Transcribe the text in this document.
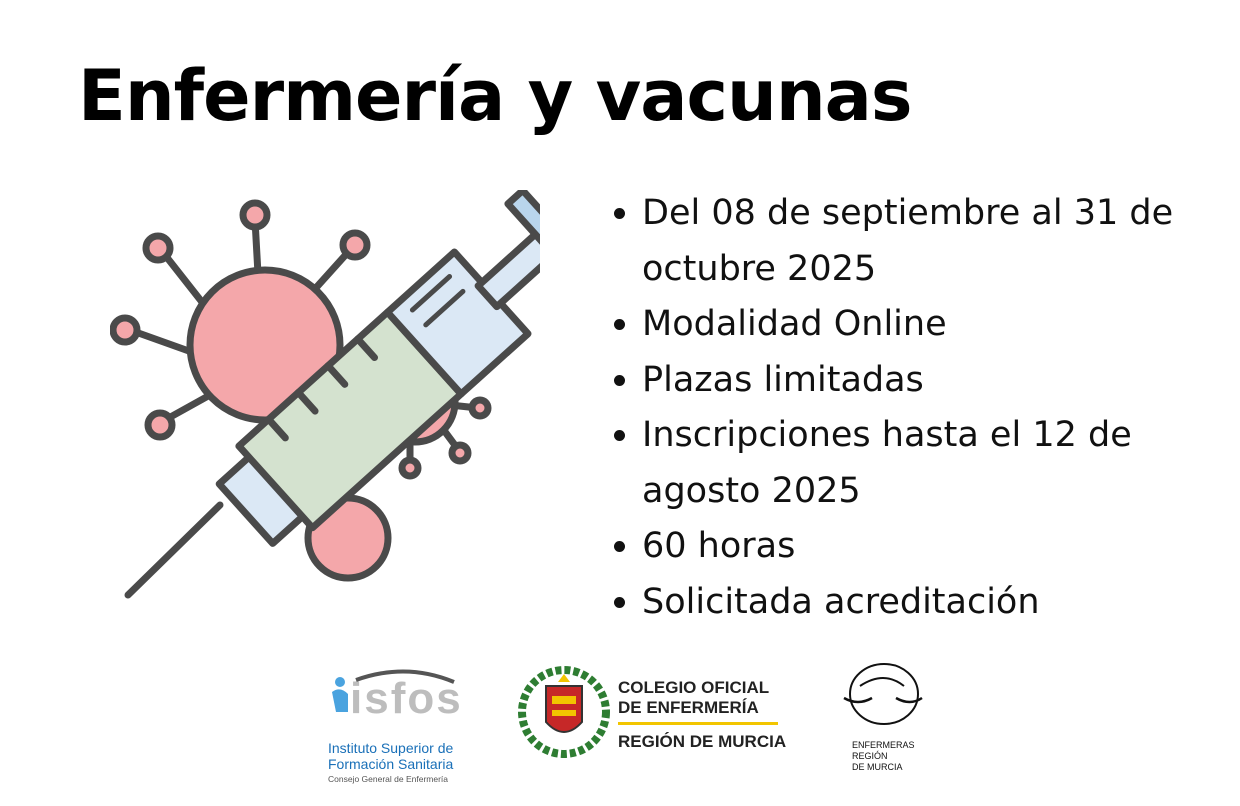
Enfermería y vacunas
Del 08 de septiembre al 31 de octubre 2025
Modalidad Online
Plazas limitadas
Inscripciones hasta el 12 de agosto 2025
60 horas
Solicitada acreditación
isfos
Instituto Superior de
Formación Sanitaria
Consejo General de Enfermería
COLEGIO OFICIAL
DE ENFERMERÍA
REGIÓN DE MURCIA	ENFERMERAS
REGIÓN
DE MURCIA
